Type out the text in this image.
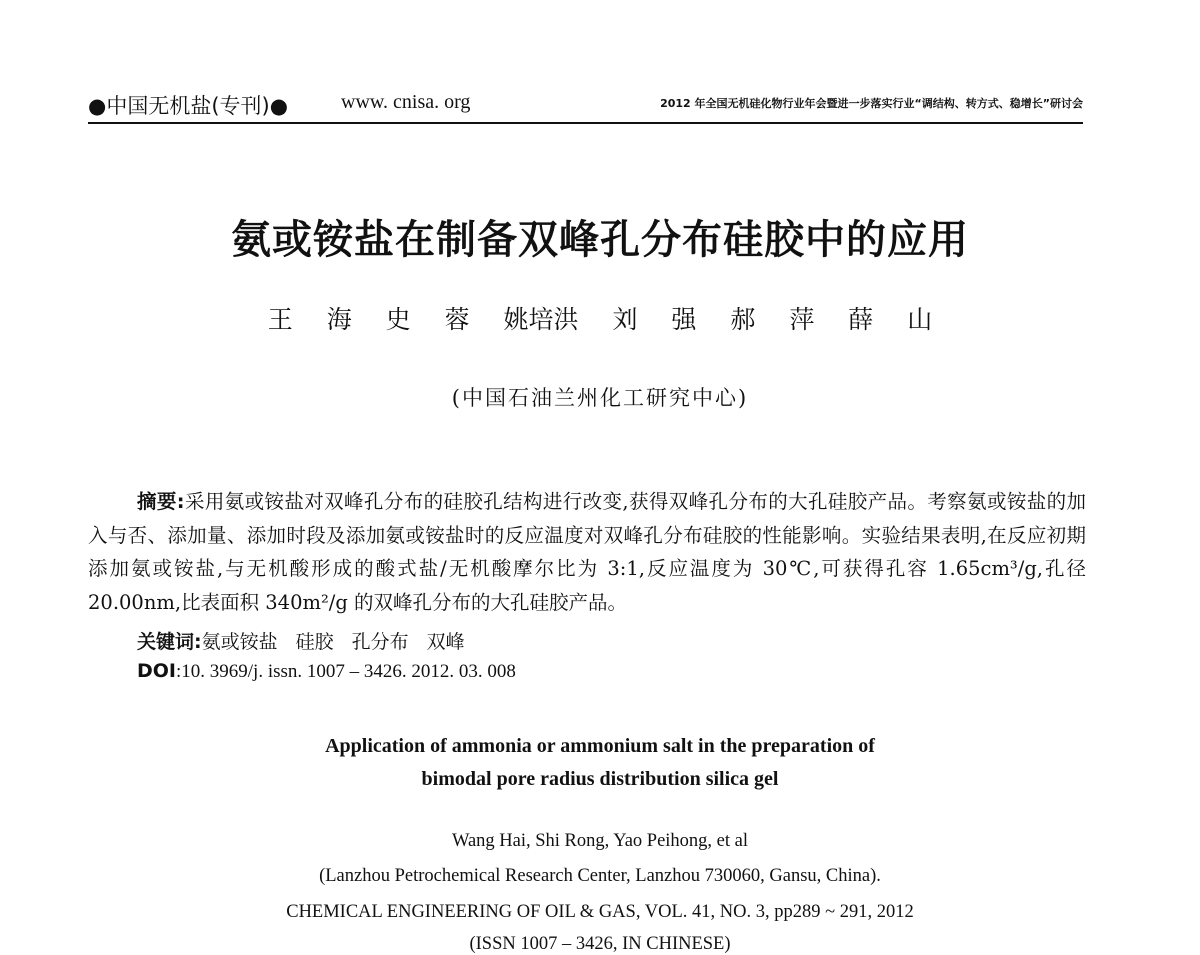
●中国无机盐(专刊)●	www. cnisa. org	2012 年全国无机硅化物行业年会暨进一步落实行业“调结构、转方式、稳增长”研讨会
氨或铵盐在制备双峰孔分布硅胶中的应用
王 海 史 蓉 姚培洪 刘 强 郝 萍 薛 山
(中国石油兰州化工研究中心)
摘要:采用氨或铵盐对双峰孔分布的硅胶孔结构进行改变,获得双峰孔分布的大孔硅胶产品。考察氨或铵盐的加入与否、添加量、添加时段及添加氨或铵盐时的反应温度对双峰孔分布硅胶的性能影响。实验结果表明,在反应初期添加氨或铵盐,与无机酸形成的酸式盐/无机酸摩尔比为 3:1,反应温度为 30℃,可获得孔容 1.65cm³/g,孔径 20.00nm,比表面积 340m²/g 的双峰孔分布的大孔硅胶产品。
关键词:氨或铵盐 硅胶 孔分布 双峰
DOI:10. 3969/j. issn. 1007 – 3426. 2012. 03. 008
Application of ammonia or ammonium salt in the preparation of
bimodal pore radius distribution silica gel
Wang Hai, Shi Rong, Yao Peihong, et al
(Lanzhou Petrochemical Research Center, Lanzhou 730060, Gansu, China).
CHEMICAL ENGINEERING OF OIL & GAS, VOL. 41, NO. 3, pp289 ~ 291, 2012
(ISSN 1007 – 3426, IN CHINESE)
